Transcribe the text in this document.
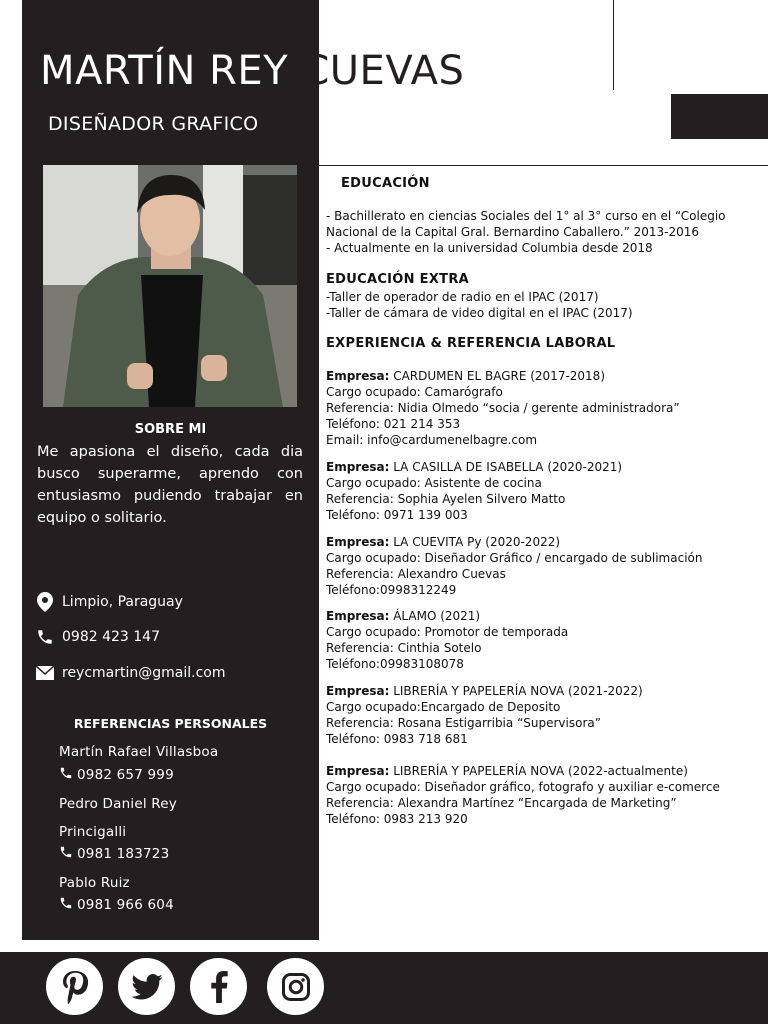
MARTÍN REY CUEVAS
DISEÑADOR GRAFICO
SOBRE MI
Me apasiona el diseño, cada dia busco superarme, aprendo con entusiasmo pudiendo trabajar en equipo o solitario.
Limpio, Paraguay
0982 423 147
reycmartin@gmail.com
REFERENCIAS PERSONALES
Martín Rafael Villasboa
0982 657 999
Pedro Daniel Rey
Princigalli
0981 183723
Pablo Ruiz
0981 966 604
EDUCACIÓN
- Bachillerato en ciencias Sociales del 1° al 3° curso en el “Colegio
Nacional de la Capital Gral. Bernardino Caballero.” 2013-2016
- Actualmente en la universidad Columbia desde 2018
EDUCACIÓN EXTRA
-Taller de operador de radio en el IPAC (2017)
-Taller de cámara de video digital en el IPAC (2017)
EXPERIENCIA & REFERENCIA LABORAL
Empresa: CARDUMEN EL BAGRE (2017-2018)
Cargo ocupado: Camarógrafo
Referencia: Nidia Olmedo “socia / gerente administradora”
Teléfono: 021 214 353
Email: info@cardumenelbagre.com
Empresa: LA CASILLA DE ISABELLA (2020-2021)
Cargo ocupado: Asistente de cocina
Referencia: Sophia Ayelen Silvero Matto
Teléfono: 0971 139 003
Empresa: LA CUEVITA Py (2020-2022)
Cargo ocupado: Diseñador Gráfico / encargado de sublimación
Referencia: Alexandro Cuevas
Teléfono:0998312249
Empresa: ÁLAMO (2021)
Cargo ocupado: Promotor de temporada
Referencia: Cinthia Sotelo
Teléfono:09983108078
Empresa: LIBRERÍA Y PAPELERÍA NOVA (2021-2022)
Cargo ocupado:Encargado de Deposito
Referencia: Rosana Estigarribia “Supervisora”
Teléfono: 0983 718 681
Empresa: LIBRERÍA Y PAPELERÍA NOVA (2022-actualmente)
Cargo ocupado: Diseñador gráfico, fotografo y auxiliar e-comerce
Referencia: Alexandra Martínez “Encargada de Marketing”
Teléfono: 0983 213 920
